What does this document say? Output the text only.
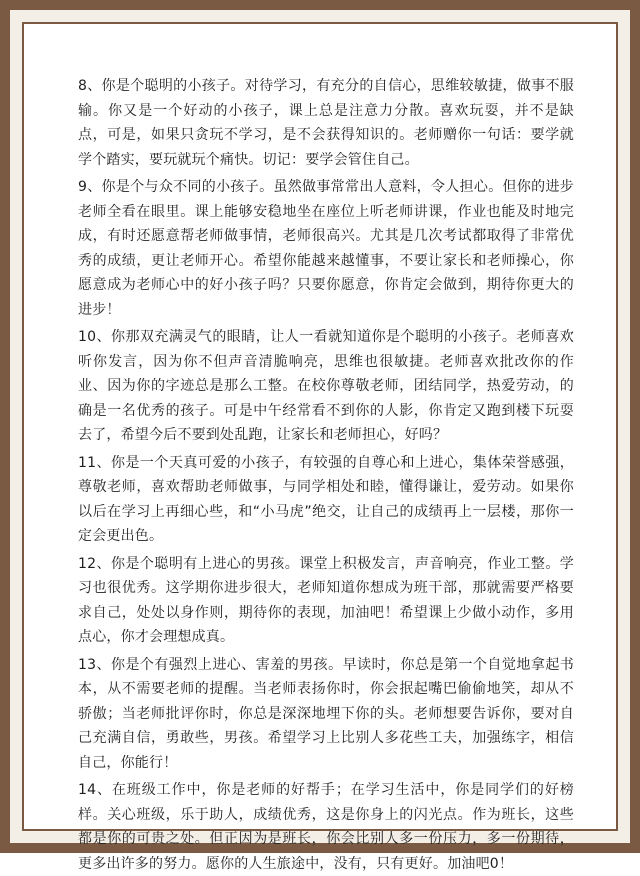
8、你是个聪明的小孩子。对待学习，有充分的自信心，思维较敏捷，做事不服输。你又是一个好动的小孩子，课上总是注意力分散。喜欢玩耍，并不是缺点，可是，如果只贪玩不学习，是不会获得知识的。老师赠你一句话：要学就学个踏实，要玩就玩个痛快。切记：要学会管住自己。

9、你是个与众不同的小孩子。虽然做事常常出人意料，令人担心。但你的进步老师全看在眼里。课上能够安稳地坐在座位上听老师讲课，作业也能及时地完成，有时还愿意帮老师做事情，老师很高兴。尤其是几次考试都取得了非常优秀的成绩，更让老师开心。希望你能越来越懂事，不要让家长和老师操心，你愿意成为老师心中的好小孩子吗？只要你愿意，你肯定会做到，期待你更大的进步！

10、你那双充满灵气的眼睛，让人一看就知道你是个聪明的小孩子。老师喜欢听你发言，因为你不但声音清脆响亮，思维也很敏捷。老师喜欢批改你的作业、因为你的字迹总是那么工整。在校你尊敬老师，团结同学，热爱劳动，的确是一名优秀的孩子。可是中午经常看不到你的人影，你肯定又跑到楼下玩耍去了，希望今后不要到处乱跑，让家长和老师担心，好吗？

11、你是一个天真可爱的小孩子，有较强的自尊心和上进心，集体荣誉感强，尊敬老师，喜欢帮助老师做事，与同学相处和睦，懂得谦让，爱劳动。如果你以后在学习上再细心些，和“小马虎”绝交，让自己的成绩再上一层楼，那你一定会更出色。

12、你是个聪明有上进心的男孩。课堂上积极发言，声音响亮，作业工整。学习也很优秀。这学期你进步很大，老师知道你想成为班干部，那就需要严格要求自己，处处以身作则，期待你的表现，加油吧！希望课上少做小动作，多用点心，你才会理想成真。

13、你是个有强烈上进心、害羞的男孩。早读时，你总是第一个自觉地拿起书本，从不需要老师的提醒。当老师表扬你时，你会抿起嘴巴偷偷地笑，却从不骄傲；当老师批评你时，你总是深深地埋下你的头。老师想要告诉你，要对自己充满自信，勇敢些，男孩。希望学习上比别人多花些工夫，加强练字，相信自己，你能行！

14、在班级工作中，你是老师的好帮手；在学习生活中，你是同学们的好榜样。关心班级，乐于助人，成绩优秀，这是你身上的闪光点。作为班长，这些都是你的可贵之处。但正因为是班长，你会比别人多一份压力，多一份期待，更多出许多的努力。愿你的人生旅途中，没有，只有更好。加油吧0！
